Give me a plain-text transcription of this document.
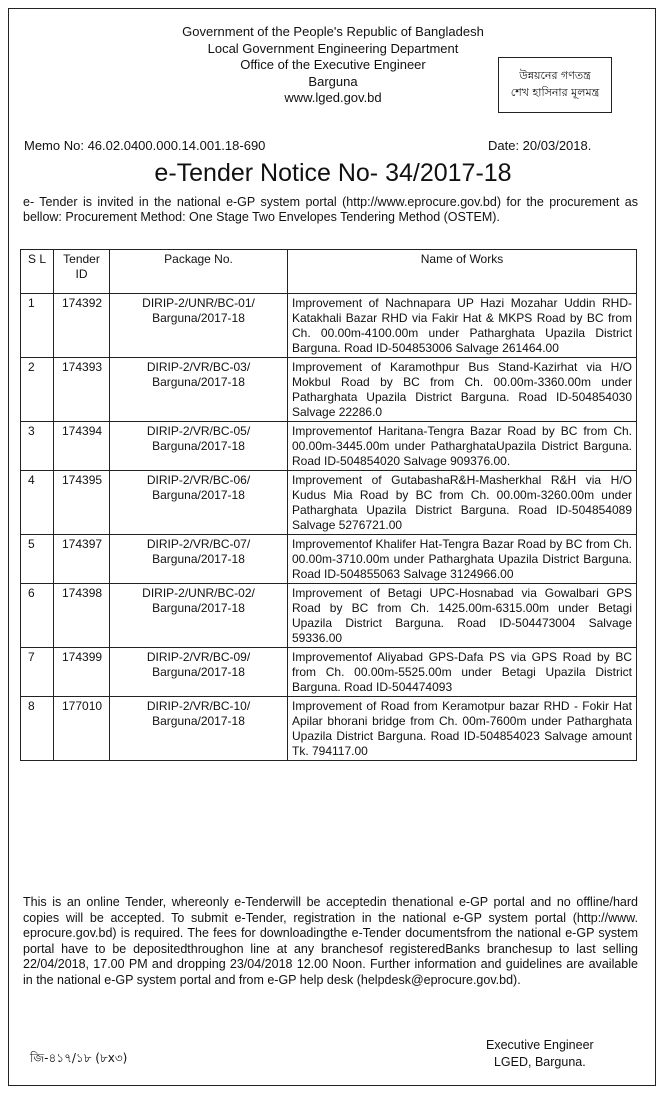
Government of the People's Republic of Bangladesh
Local Government Engineering Department
Office of the Executive Engineer
Barguna
www.lged.gov.bd
উন্নয়নের গণতন্ত্র
শেখ হাসিনার মূলমন্ত্র
Memo No: 46.02.0400.000.14.001.18-690	Date: 20/03/2018.
e-Tender Notice No- 34/2017-18
e- Tender is invited in the national e-GP system portal (http://www.eprocure.gov.bd) for the procurement as bellow: Procurement Method: One Stage Two Envelopes Tendering Method (OSTEM).
S L	Tender ID	Package No.	Name of Works
1	174392	DIRIP-2/UNR/BC-01/ Barguna/2017-18	Improvement of Nachnapara UP Hazi Mozahar Uddin RHD-Katakhali Bazar RHD via Fakir Hat & MKPS Road by BC from Ch. 00.00m-4100.00m under Patharghata Upazila District Barguna. Road ID-504853006 Salvage 261464.00
2	174393	DIRIP-2/VR/BC-03/ Barguna/2017-18	Improvement of Karamothpur Bus Stand-Kazirhat via H/O Mokbul Road by BC from Ch. 00.00m-3360.00m under Patharghata Upazila District Barguna. Road ID-504854030 Salvage 22286.0
3	174394	DIRIP-2/VR/BC-05/ Barguna/2017-18	Improvementof Haritana-Tengra Bazar Road by BC from Ch. 00.00m-3445.00m under PatharghataUpazila District Barguna. Road ID-504854020 Salvage 909376.00.
4	174395	DIRIP-2/VR/BC-06/ Barguna/2017-18	Improvement of GutabashaR&H-Masherkhal R&H via H/O Kudus Mia Road by BC from Ch. 00.00m-3260.00m under Patharghata Upazila District Barguna. Road ID-504854089 Salvage 5276721.00
5	174397	DIRIP-2/VR/BC-07/ Barguna/2017-18	Improvementof Khalifer Hat-Tengra Bazar Road by BC from Ch. 00.00m-3710.00m under Patharghata Upazila District Barguna. Road ID-504855063 Salvage 3124966.00
6	174398	DIRIP-2/UNR/BC-02/ Barguna/2017-18	Improvement of Betagi UPC-Hosnabad via Gowalbari GPS Road by BC from Ch. 1425.00m-6315.00m under Betagi Upazila District Barguna. Road ID-504473004 Salvage 59336.00
7	174399	DIRIP-2/VR/BC-09/ Barguna/2017-18	Improvementof Aliyabad GPS-Dafa PS via GPS Road by BC from Ch. 00.00m-5525.00m under Betagi Upazila District Barguna. Road ID-504474093
8	177010	DIRIP-2/VR/BC-10/ Barguna/2017-18	Improvement of Road from Keramotpur bazar RHD - Fokir Hat Apilar bhorani bridge from Ch. 00m-7600m under Patharghata Upazila District Barguna. Road ID-504854023 Salvage amount Tk. 794117.00
This is an online Tender, whereonly e-Tenderwill be acceptedin thenational e-GP portal and no offline/hard copies will be accepted. To submit e-Tender, registration in the national e-GP system portal (http://www. eprocure.gov.bd) is required. The fees for downloadingthe e-Tender documentsfrom the national e-GP system portal have to be depositedthroughon line at any branchesof registeredBanks branchesup to last selling 22/04/2018, 17.00 PM and dropping 23/04/2018 12.00 Noon. Further information and guidelines are available in the national e-GP system portal and from e-GP help desk (helpdesk@eprocure.gov.bd).
Executive Engineer
LGED, Barguna.
জি-৪১৭/১৮ (৮x৩)
